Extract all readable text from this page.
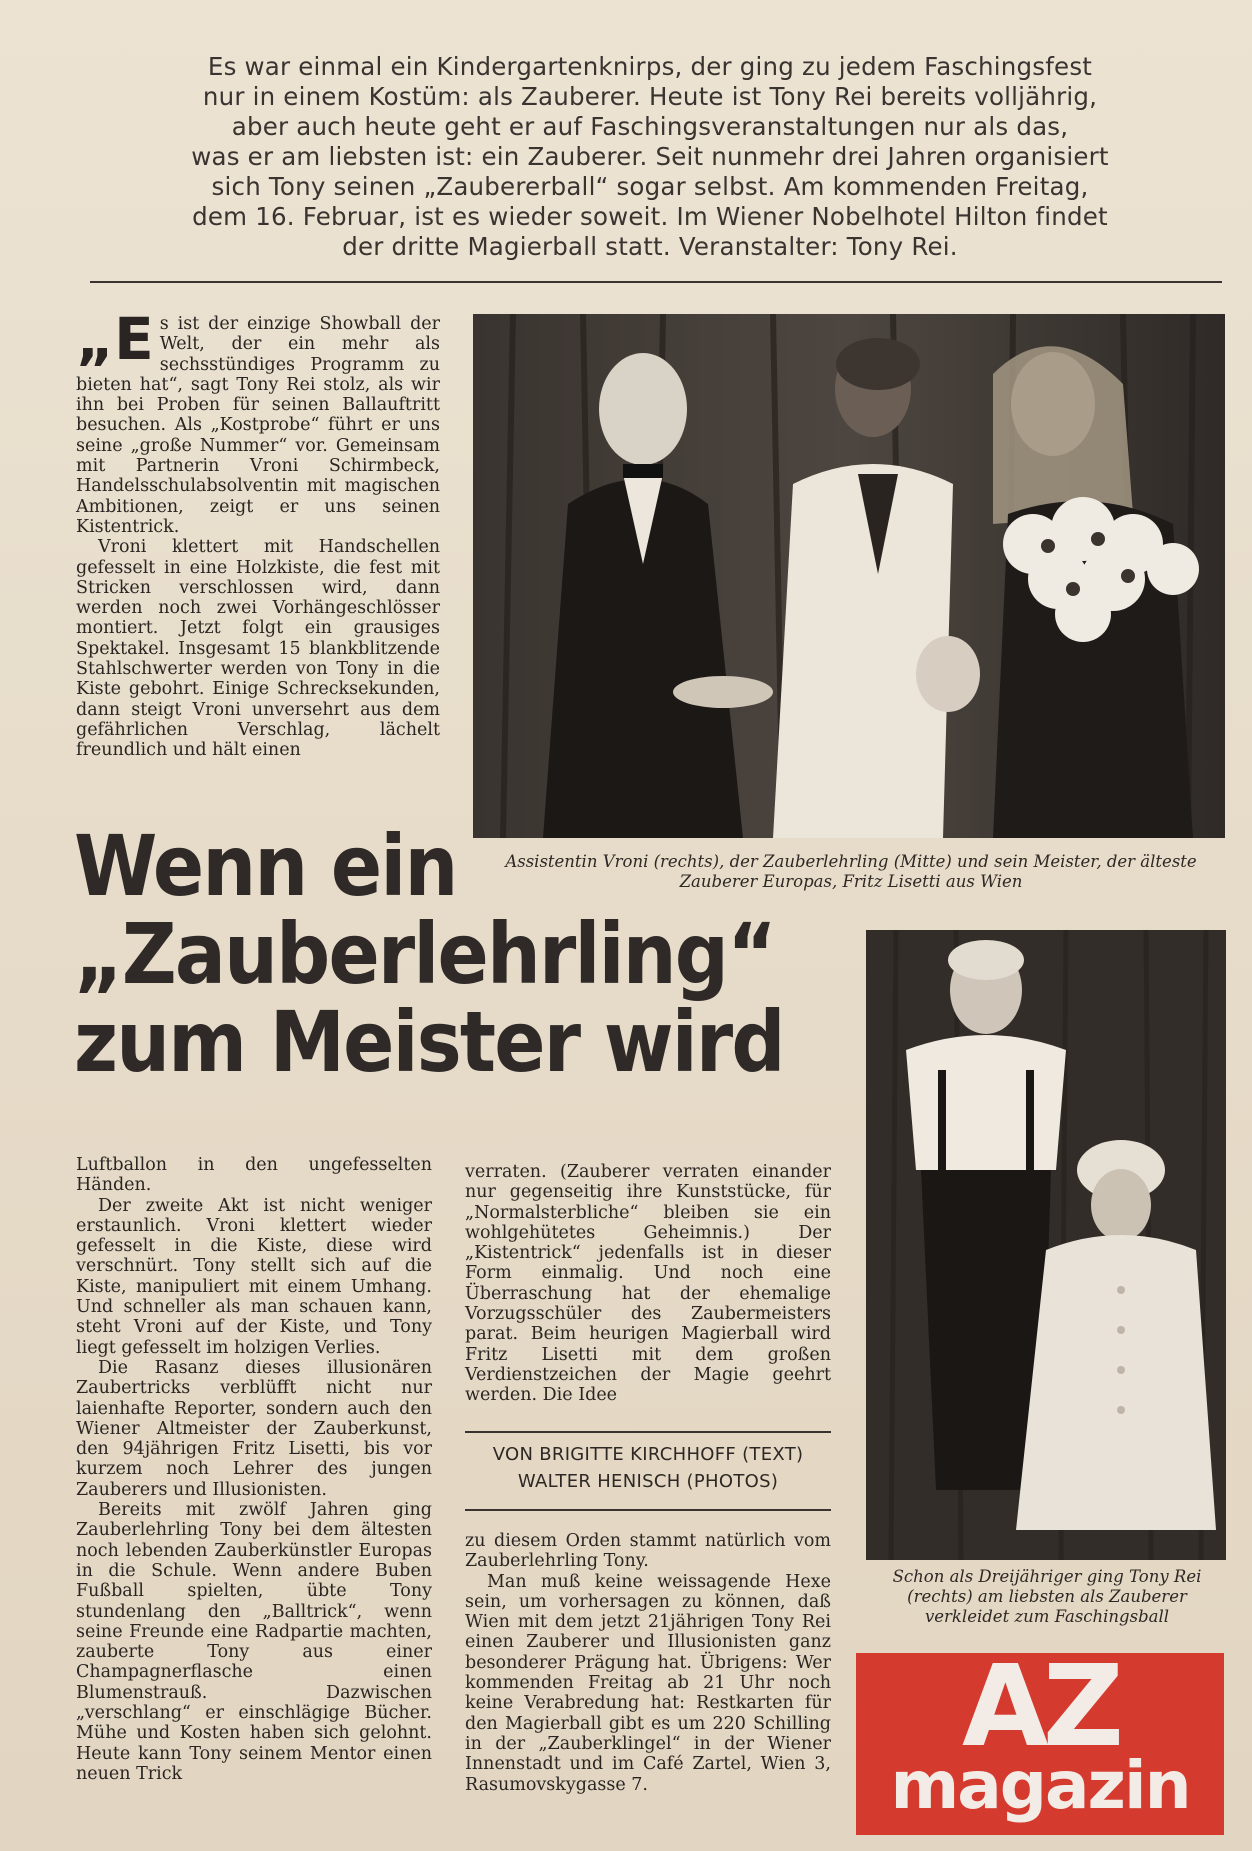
Es war einmal ein Kindergartenknirps, der ging zu jedem Faschingsfest
nur in einem Kostüm: als Zauberer. Heute ist Tony Rei bereits volljährig,
aber auch heute geht er auf Faschingsveranstaltungen nur als das,
was er am liebsten ist: ein Zauberer. Seit nunmehr drei Jahren organisiert
sich Tony seinen „Zaubererball“ sogar selbst. Am kommenden Freitag,
dem 16. Februar, ist es wieder soweit. Im Wiener Nobelhotel Hilton findet
der dritte Magierball statt. Veranstalter: Tony Rei.

„E s ist der einzige Showball der Welt, der ein mehr als sechsstündiges Programm zu bieten hat“, sagt Tony Rei stolz, als wir ihn bei Proben für seinen Ballauftritt besuchen. Als „Kostprobe“ führt er uns seine „große Nummer“ vor. Gemeinsam mit Partnerin Vroni Schirmbeck, Handelsschulabsolventin mit magischen Ambitionen, zeigt er uns seinen Kistentrick.

Vroni klettert mit Handschellen gefesselt in eine Holzkiste, die fest mit Stricken verschlossen wird, dann werden noch zwei Vorhängeschlösser montiert. Jetzt folgt ein grausiges Spektakel. Insgesamt 15 blankblitzende Stahlschwerter werden von Tony in die Kiste gebohrt. Einige Schrecksekunden, dann steigt Vroni unversehrt aus dem gefährlichen Verschlag, lächelt freundlich und hält einen

Assistentin Vroni (rechts), der Zauberlehrling (Mitte) und sein Meister, der älteste Zauberer Europas, Fritz Lisetti aus Wien
Wenn ein
„Zauberlehrling“
zum Meister wird

Luftballon in den ungefesselten Händen.

Der zweite Akt ist nicht weniger erstaunlich. Vroni klettert wieder gefesselt in die Kiste, diese wird verschnürt. Tony stellt sich auf die Kiste, manipuliert mit einem Umhang. Und schneller als man schauen kann, steht Vroni auf der Kiste, und Tony liegt gefesselt im holzigen Verlies.

Die Rasanz dieses illusionären Zaubertricks verblüfft nicht nur laienhafte Reporter, sondern auch den Wiener Altmeister der Zauberkunst, den 94jährigen Fritz Lisetti, bis vor kurzem noch Lehrer des jungen Zauberers und Illusionisten.

Bereits mit zwölf Jahren ging Zauberlehrling Tony bei dem ältesten noch lebenden Zauberkünstler Europas in die Schule. Wenn andere Buben Fußball spielten, übte Tony stundenlang den „Balltrick“, wenn seine Freunde eine Radpartie machten, zauberte Tony aus einer Champagnerflasche einen Blumenstrauß. Dazwischen „verschlang“ er einschlägige Bücher. Mühe und Kosten haben sich gelohnt. Heute kann Tony seinem Mentor einen neuen Trick

verraten. (Zauberer verraten einander nur gegenseitig ihre Kunststücke, für „Normalsterbliche“ bleiben sie ein wohlgehütetes Geheimnis.) Der „Kistentrick“ jedenfalls ist in dieser Form einmalig. Und noch eine Überraschung hat der ehemalige Vorzugsschüler des Zaubermeisters parat. Beim heurigen Magierball wird Fritz Lisetti mit dem großen Verdienstzeichen der Magie geehrt werden. Die Idee

VON BRIGITTE KIRCHHOFF (TEXT)
WALTER HENISCH (PHOTOS)

zu diesem Orden stammt natürlich vom Zauberlehrling Tony.

Man muß keine weissagende Hexe sein, um vorhersagen zu können, daß Wien mit dem jetzt 21jährigen Tony Rei einen Zauberer und Illusionisten ganz besonderer Prägung hat. Übrigens: Wer kommenden Freitag ab 21 Uhr noch keine Verabredung hat: Restkarten für den Magierball gibt es um 220 Schilling in der „Zauberklingel“ in der Wiener Innenstadt und im Café Zartel, Wien 3, Rasumovskygasse 7.

Schon als Dreijähriger ging Tony Rei (rechts) am liebsten als Zauberer verkleidet zum Faschingsball
AZ
magazin
